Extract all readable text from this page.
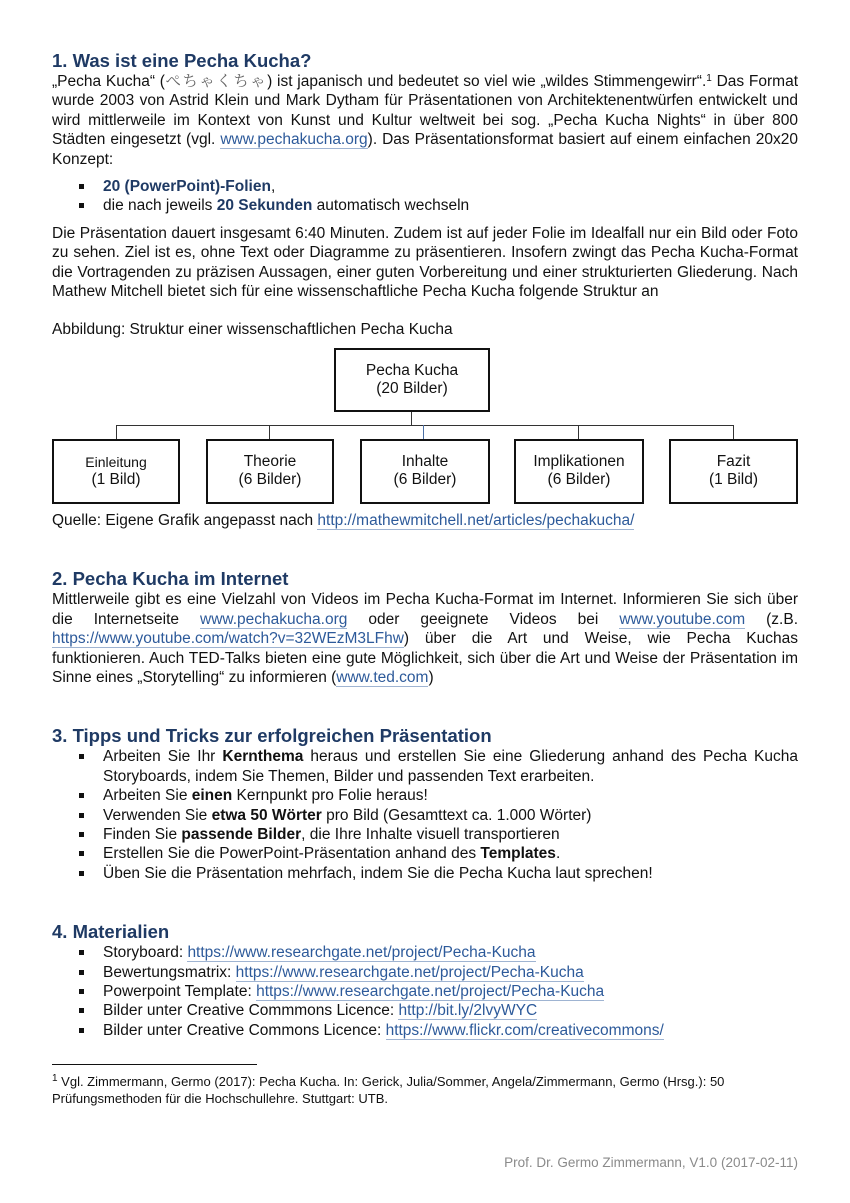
1. Was ist eine Pecha Kucha?

„Pecha Kucha“ (ぺちゃくちゃ) ist japanisch und bedeutet so viel wie „wildes Stimmengewirr“.$^1$ Das Format wurde 2003 von Astrid Klein und Mark Dytham für Präsentationen von Architektenentwürfen entwickelt und wird mittlerweile im Kontext von Kunst und Kultur weltweit bei sog. „Pecha Kucha Nights“ in über 800 Städten eingesetzt (vgl. www.pechakucha.org). Das Präsentationsformat basiert auf einem einfachen 20x20 Konzept:

20 (PowerPoint)-Folien,
die nach jeweils 20 Sekunden automatisch wechseln

Die Präsentation dauert insgesamt 6:40 Minuten. Zudem ist auf jeder Folie im Idealfall nur ein Bild oder Foto zu sehen. Ziel ist es, ohne Text oder Diagramme zu präsentieren. Insofern zwingt das Pecha Kucha-Format die Vortragenden zu präzisen Aussagen, einer guten Vorbereitung und einer strukturierten Gliederung. Nach Mathew Mitchell bietet sich für eine wissenschaftliche Pecha Kucha folgende Struktur an

Abbildung: Struktur einer wissenschaftlichen Pecha Kucha

Pecha Kucha
(20 Bilder)
Einleitung
(1 Bild)
Theorie
(6 Bilder)
Inhalte
(6 Bilder)
Implikationen
(6 Bilder)
Fazit
(1 Bild)

Quelle: Eigene Grafik angepasst nach http://mathewmitchell.net/articles/pechakucha/

2. Pecha Kucha im Internet

Mittlerweile gibt es eine Vielzahl von Videos im Pecha Kucha-Format im Internet. Informieren Sie sich über die Internetseite www.pechakucha.org oder geeignete Videos bei www.youtube.com (z.B. https://www.youtube.com/watch?v=32WEzM3LFhw) über die Art und Weise, wie Pecha Kuchas funktionieren. Auch TED-Talks bieten eine gute Möglichkeit, sich über die Art und Weise der Präsentation im Sinne eines „Storytelling“ zu informieren (www.ted.com)

3. Tipps und Tricks zur erfolgreichen Präsentation
Arbeiten Sie Ihr Kernthema heraus und erstellen Sie eine Gliederung anhand des Pecha Kucha Storyboards, indem Sie Themen, Bilder und passenden Text erarbeiten.
Arbeiten Sie einen Kernpunkt pro Folie heraus!
Verwenden Sie etwa 50 Wörter pro Bild (Gesamttext ca. 1.000 Wörter)
Finden Sie passende Bilder, die Ihre Inhalte visuell transportieren
Erstellen Sie die PowerPoint-Präsentation anhand des Templates.
Üben Sie die Präsentation mehrfach, indem Sie die Pecha Kucha laut sprechen!
4. Materialien
Storyboard: https://www.researchgate.net/project/Pecha-Kucha
Bewertungsmatrix: https://www.researchgate.net/project/Pecha-Kucha
Powerpoint Template: https://www.researchgate.net/project/Pecha-Kucha
Bilder unter Creative Commmons Licence: http://bit.ly/2lvyWYC
Bilder unter Creative Commons Licence: https://www.flickr.com/creativecommons/

$^1$ Vgl. Zimmermann, Germo (2017): Pecha Kucha. In: Gerick, Julia/Sommer, Angela/Zimmermann, Germo (Hrsg.): 50 Prüfungsmethoden für die Hochschullehre. Stuttgart: UTB.

Prof. Dr. Germo Zimmermann, V1.0 (2017-02-11)
